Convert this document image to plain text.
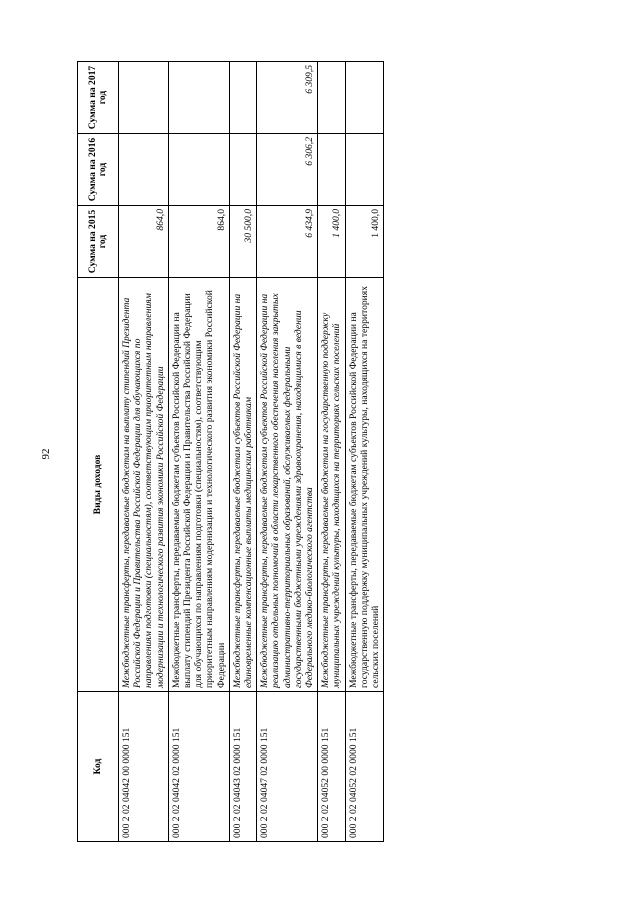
92
Код	Виды доходов	Сумма на 2015 год	Сумма на 2016 год	Сумма на 2017 год
000 2 02 04042 00 0000 151	Межбюджетные трансферты, передаваемые бюджетам на выплату стипендий Президента Российской Федерации и Правительства Российской Федерации для обучающихся по направлениям подготовки (специальностям), соответствующим приоритетным направлениям модернизации и технологического развития экономики Российской Федерации	864,0		
000 2 02 04042 02 0000 151	Межбюджетные трансферты, передаваемые бюджетам субъектов Российской Федерации на выплату стипендий Президента Российской Федерации и Правительства Российской Федерации для обучающихся по направлениям подготовки (специальностям), соответствующим приоритетным направлениям модернизации и технологического развития экономики Российской Федерации	864,0		
000 2 02 04043 02 0000 151	Межбюджетные трансферты, передаваемые бюджетам субъектов Российской Федерации на единовременные компенсационные выплаты медицинским работникам	30 500,0		
000 2 02 04047 02 0000 151	Межбюджетные трансферты, передаваемые бюджетам субъектов Российской Федерации на реализацию отдельных полномочий в области лекарственного обеспечения населения закрытых административно-территориальных образований, обслуживаемых федеральными государственными бюджетными учреждениями здравоохранения, находящимися в ведении Федерального медико-биологического агентства	6 434,9	6 306,2	6 309,5
000 2 02 04052 00 0000 151	Межбюджетные трансферты, передаваемые бюджетам на государственную поддержку муниципальных учреждений культуры, находящихся на территориях сельских поселений	1 400,0		
000 2 02 04052 02 0000 151	Межбюджетные трансферты, передаваемые бюджетам субъектов Российской Федерации на государственную поддержку муниципальных учреждений культуры, находящихся на территориях сельских поселений	1 400,0		
